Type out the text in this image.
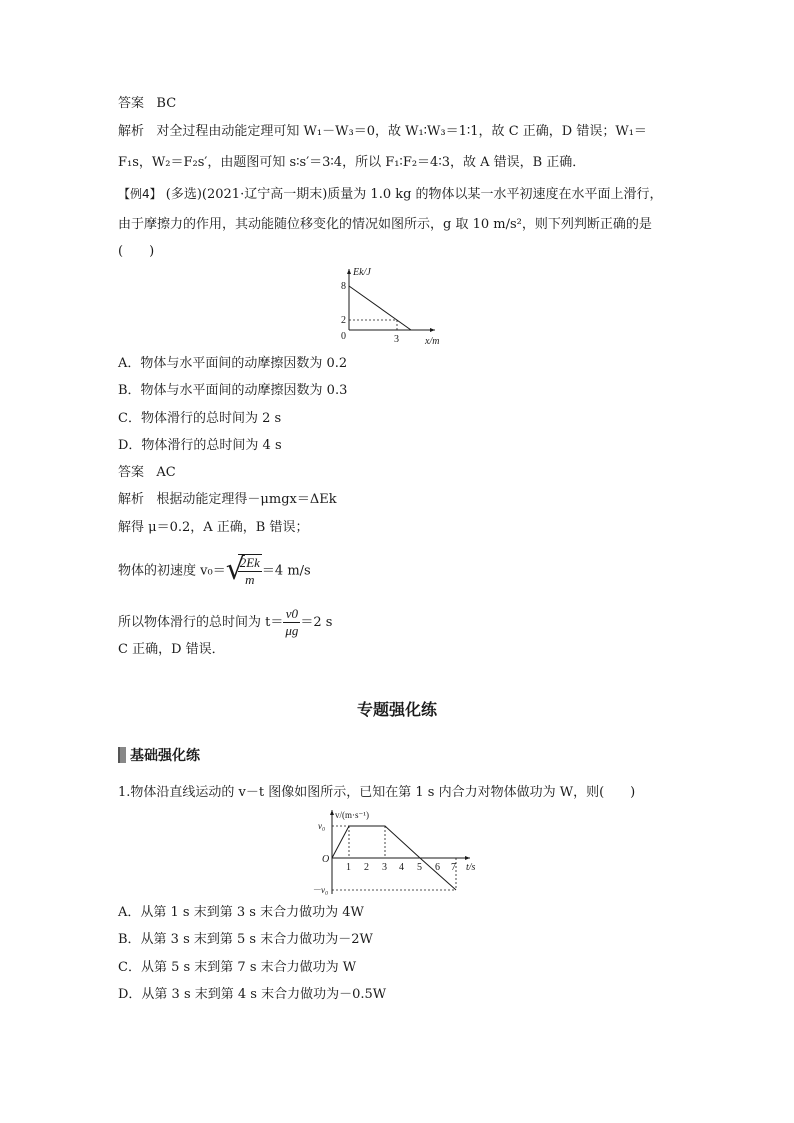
答案 BC
解析 对全过程由动能定理可知 W₁－W₃＝0，故 W₁∶W₃＝1∶1，故 C 正确，D 错误；W₁＝
F₁s，W₂＝F₂s′，由题图可知 s∶s′＝3∶4，所以 F₁∶F₂＝4∶3，故 A 错误，B 正确．
【例4】 (多选)(2021·辽宁高一期末)质量为 1.0 kg 的物体以某一水平初速度在水平面上滑行，
由于摩擦力的作用，其动能随位移变化的情况如图所示，g 取 10 m/s²，则下列判断正确的是
(　　)
Ek/J
8
2
0	3	x/m
A．物体与水平面间的动摩擦因数为 0.2
B．物体与水平面间的动摩擦因数为 0.3
C．物体滑行的总时间为 2 s
D．物体滑行的总时间为 4 s
答案 AC
解析 根据动能定理得－μmgx＝ΔEk
解得 μ＝0.2，A 正确，B 错误；
物体的初速度 v₀＝ √
$\frac{2Ek}{m} =4$ m/s
所以物体滑行的总时间为 $t= \frac{v0}{\mu g} =2$ s
C 正确，D 错误．
专题强化练
基础强化练
1.物体沿直线运动的 v－t 图像如图所示，已知在第 1 s 内合力对物体做功为 W，则(　　)
v/(m·s⁻¹)
v₀
－v₀
O
1 2 3 4 5 6 7 t/s
A．从第 1 s 末到第 3 s 末合力做功为 4W
B．从第 3 s 末到第 5 s 末合力做功为－2W
C．从第 5 s 末到第 7 s 末合力做功为 W
D．从第 3 s 末到第 4 s 末合力做功为－0.5W
